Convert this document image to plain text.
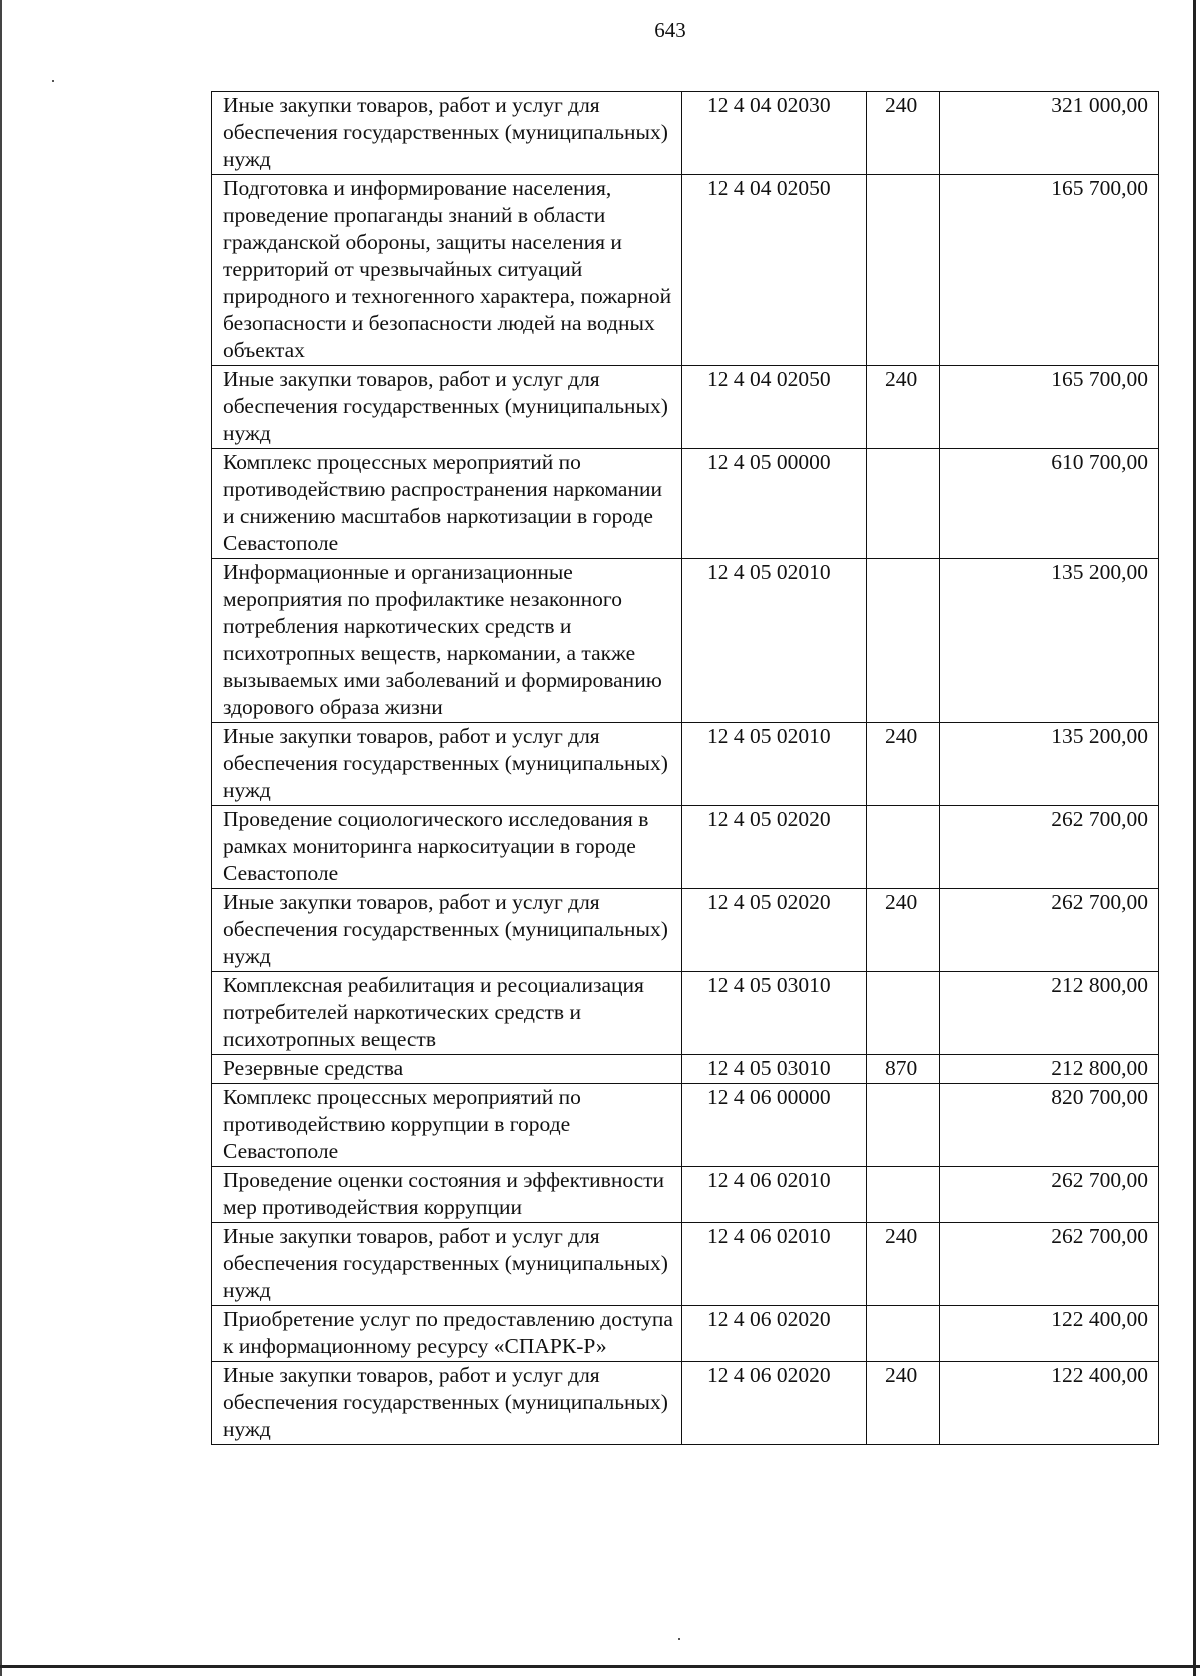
643
Иные закупки товаров, работ и услуг для обеспечения государственных (муниципальных) нужд	12 4 04 02030	240	321 000,00
Подготовка и информирование населения, проведение пропаганды знаний в области гражданской обороны, защиты населения и территорий от чрезвычайных ситуаций природного и техногенного характера, пожарной безопасности и безопасности людей на водных объектах	12 4 04 02050		165 700,00
Иные закупки товаров, работ и услуг для обеспечения государственных (муниципальных) нужд	12 4 04 02050	240	165 700,00
Комплекс процессных мероприятий по противодействию распространения наркомании и снижению масштабов наркотизации в городе Севастополе	12 4 05 00000		610 700,00
Информационные и организационные мероприятия по профилактике незаконного потребления наркотических средств и психотропных веществ, наркомании, а также вызываемых ими заболеваний и формированию здорового образа жизни	12 4 05 02010		135 200,00
Иные закупки товаров, работ и услуг для обеспечения государственных (муниципальных) нужд	12 4 05 02010	240	135 200,00
Проведение социологического исследования в рамках мониторинга наркоситуации в городе Севастополе	12 4 05 02020		262 700,00
Иные закупки товаров, работ и услуг для обеспечения государственных (муниципальных) нужд	12 4 05 02020	240	262 700,00
Комплексная реабилитация и ресоциализация потребителей наркотических средств и психотропных веществ	12 4 05 03010		212 800,00
Резервные средства	12 4 05 03010	870	212 800,00
Комплекс процессных мероприятий по противодействию коррупции в городе Севастополе	12 4 06 00000		820 700,00
Проведение оценки состояния и эффективности мер противодействия коррупции	12 4 06 02010		262 700,00
Иные закупки товаров, работ и услуг для обеспечения государственных (муниципальных) нужд	12 4 06 02010	240	262 700,00
Приобретение услуг по предоставлению доступа к информационному ресурсу «СПАРК-Р»	12 4 06 02020		122 400,00
Иные закупки товаров, работ и услуг для обеспечения государственных (муниципальных) нужд	12 4 06 02020	240	122 400,00
